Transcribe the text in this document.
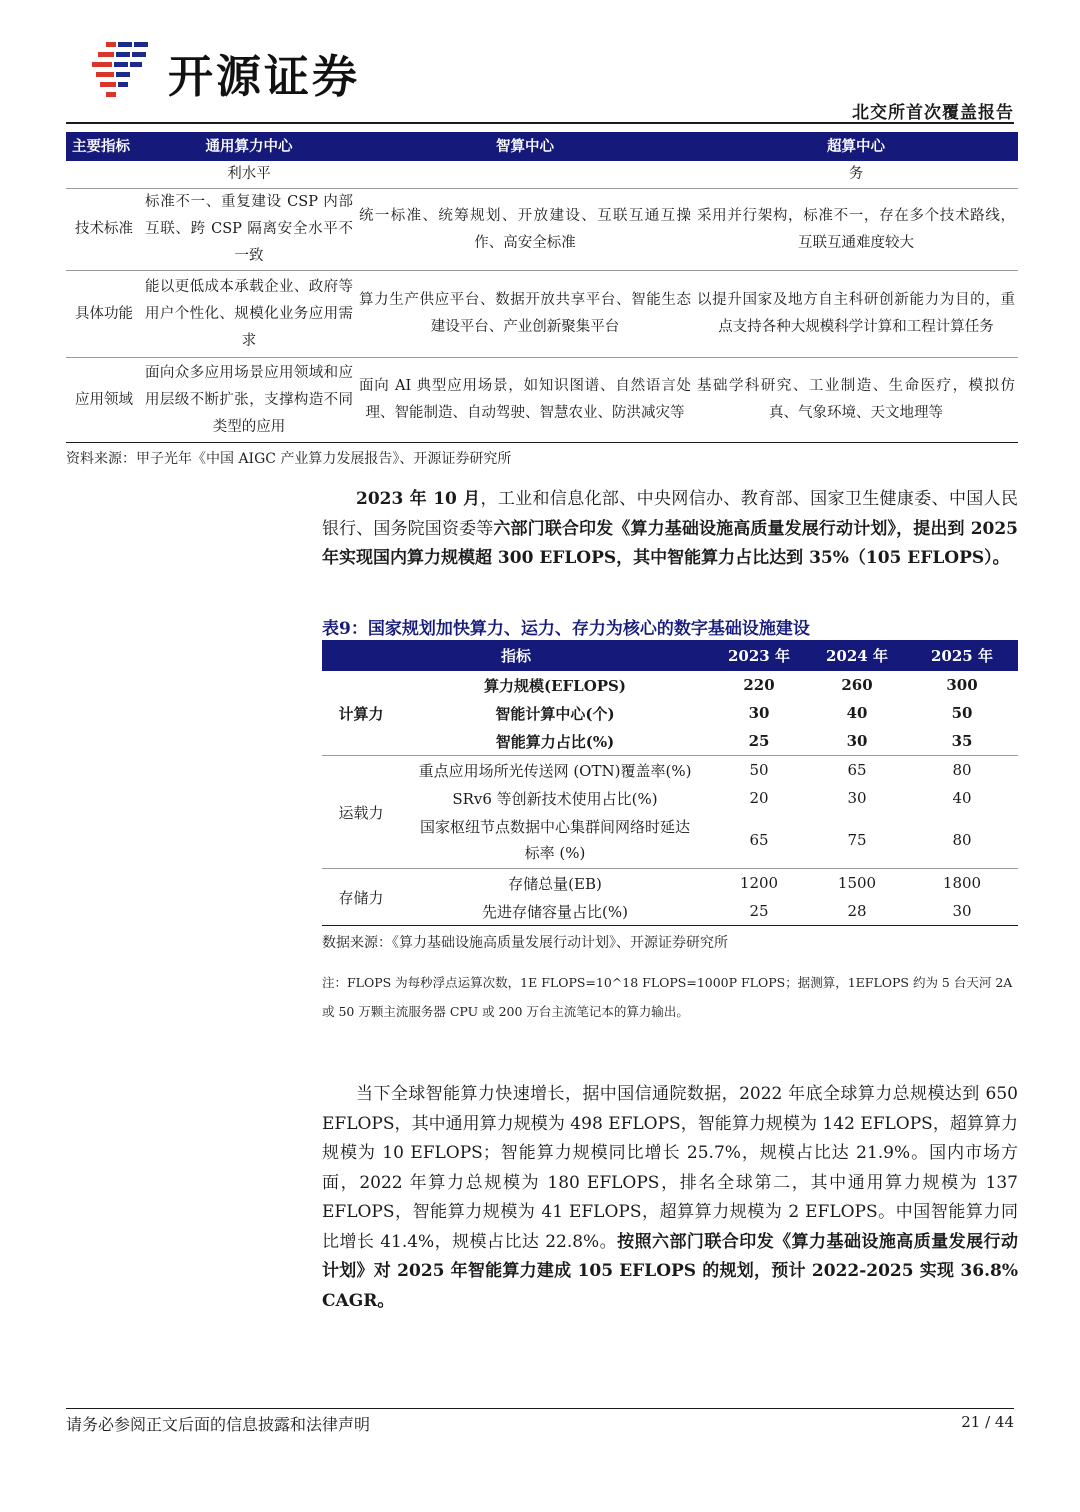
开源证券
北交所首次覆盖报告
主要指标	通用算力中心	智算中心	超算中心
	利水平		务
技术标准	标准不一、重复建设 CSP 内部互联、跨 CSP 隔离安全水平不一致	统一标准、统筹规划、开放建设、互联互通互操作、高安全标准	采用并行架构，标准不一，存在多个技术路线，互联互通难度较大
具体功能	能以更低成本承载企业、政府等用户个性化、规模化业务应用需求	算力生产供应平台、数据开放共享平台、智能生态建设平台、产业创新聚集平台	以提升国家及地方自主科研创新能力为目的，重点支持各种大规模科学计算和工程计算任务
应用领域	面向众多应用场景应用领域和应用层级不断扩张，支撑构造不同类型的应用	面向 AI 典型应用场景，如知识图谱、自然语言处理、智能制造、自动驾驶、智慧农业、防洪减灾等	基础学科研究、工业制造、生命医疗，模拟仿真、气象环境、天文地理等
资料来源：甲子光年《中国 AIGC 产业算力发展报告》、开源证券研究所
2023 年 10 月，工业和信息化部、中央网信办、教育部、国家卫生健康委、中国人民银行、国务院国资委等六部门联合印发《算力基础设施高质量发展行动计划》，提出到 2025 年实现国内算力规模超 300 EFLOPS，其中智能算力占比达到 35%（105 EFLOPS）。
表9：国家规划加快算力、运力、存力为核心的数字基础设施建设
指标		2023 年	2024 年	2025 年
计算力	算力规模(EFLOPS)	220	260	300
	智能计算中心(个)	30	40	50
	智能算力占比(%)	25	30	35
运载力	重点应用场所光传送网 (OTN)覆盖率(%)	50	65	80
	SRv6 等创新技术使用占比(%)	20	30	40
	国家枢纽节点数据中心集群间网络时延达标率 (%)	65	75	80
存储力	存储总量(EB)	1200	1500	1800
	先进存储容量占比(%)	25	28	30
数据来源：《算力基础设施高质量发展行动计划》、开源证券研究所
注：FLOPS 为每秒浮点运算次数，1E FLOPS=10^18 FLOPS=1000P FLOPS；据测算，1EFLOPS 约为 5 台天河 2A 或 50 万颗主流服务器 CPU 或 200 万台主流笔记本的算力输出。
当下全球智能算力快速增长，据中国信通院数据，2022 年底全球算力总规模达到 650 EFLOPS，其中通用算力规模为 498 EFLOPS，智能算力规模为 142 EFLOPS，超算算力规模为 10 EFLOPS；智能算力规模同比增长 25.7%，规模占比达 21.9%。国内市场方面，2022 年算力总规模为 180 EFLOPS，排名全球第二，其中通用算力规模为 137 EFLOPS，智能算力规模为 41 EFLOPS，超算算力规模为 2 EFLOPS。中国智能算力同比增长 41.4%，规模占比达 22.8%。按照六部门联合印发《算力基础设施高质量发展行动计划》对 2025 年智能算力建成 105 EFLOPS 的规划，预计 2022-2025 实现 36.8% CAGR。
请务必参阅正文后面的信息披露和法律声明	21 / 44
